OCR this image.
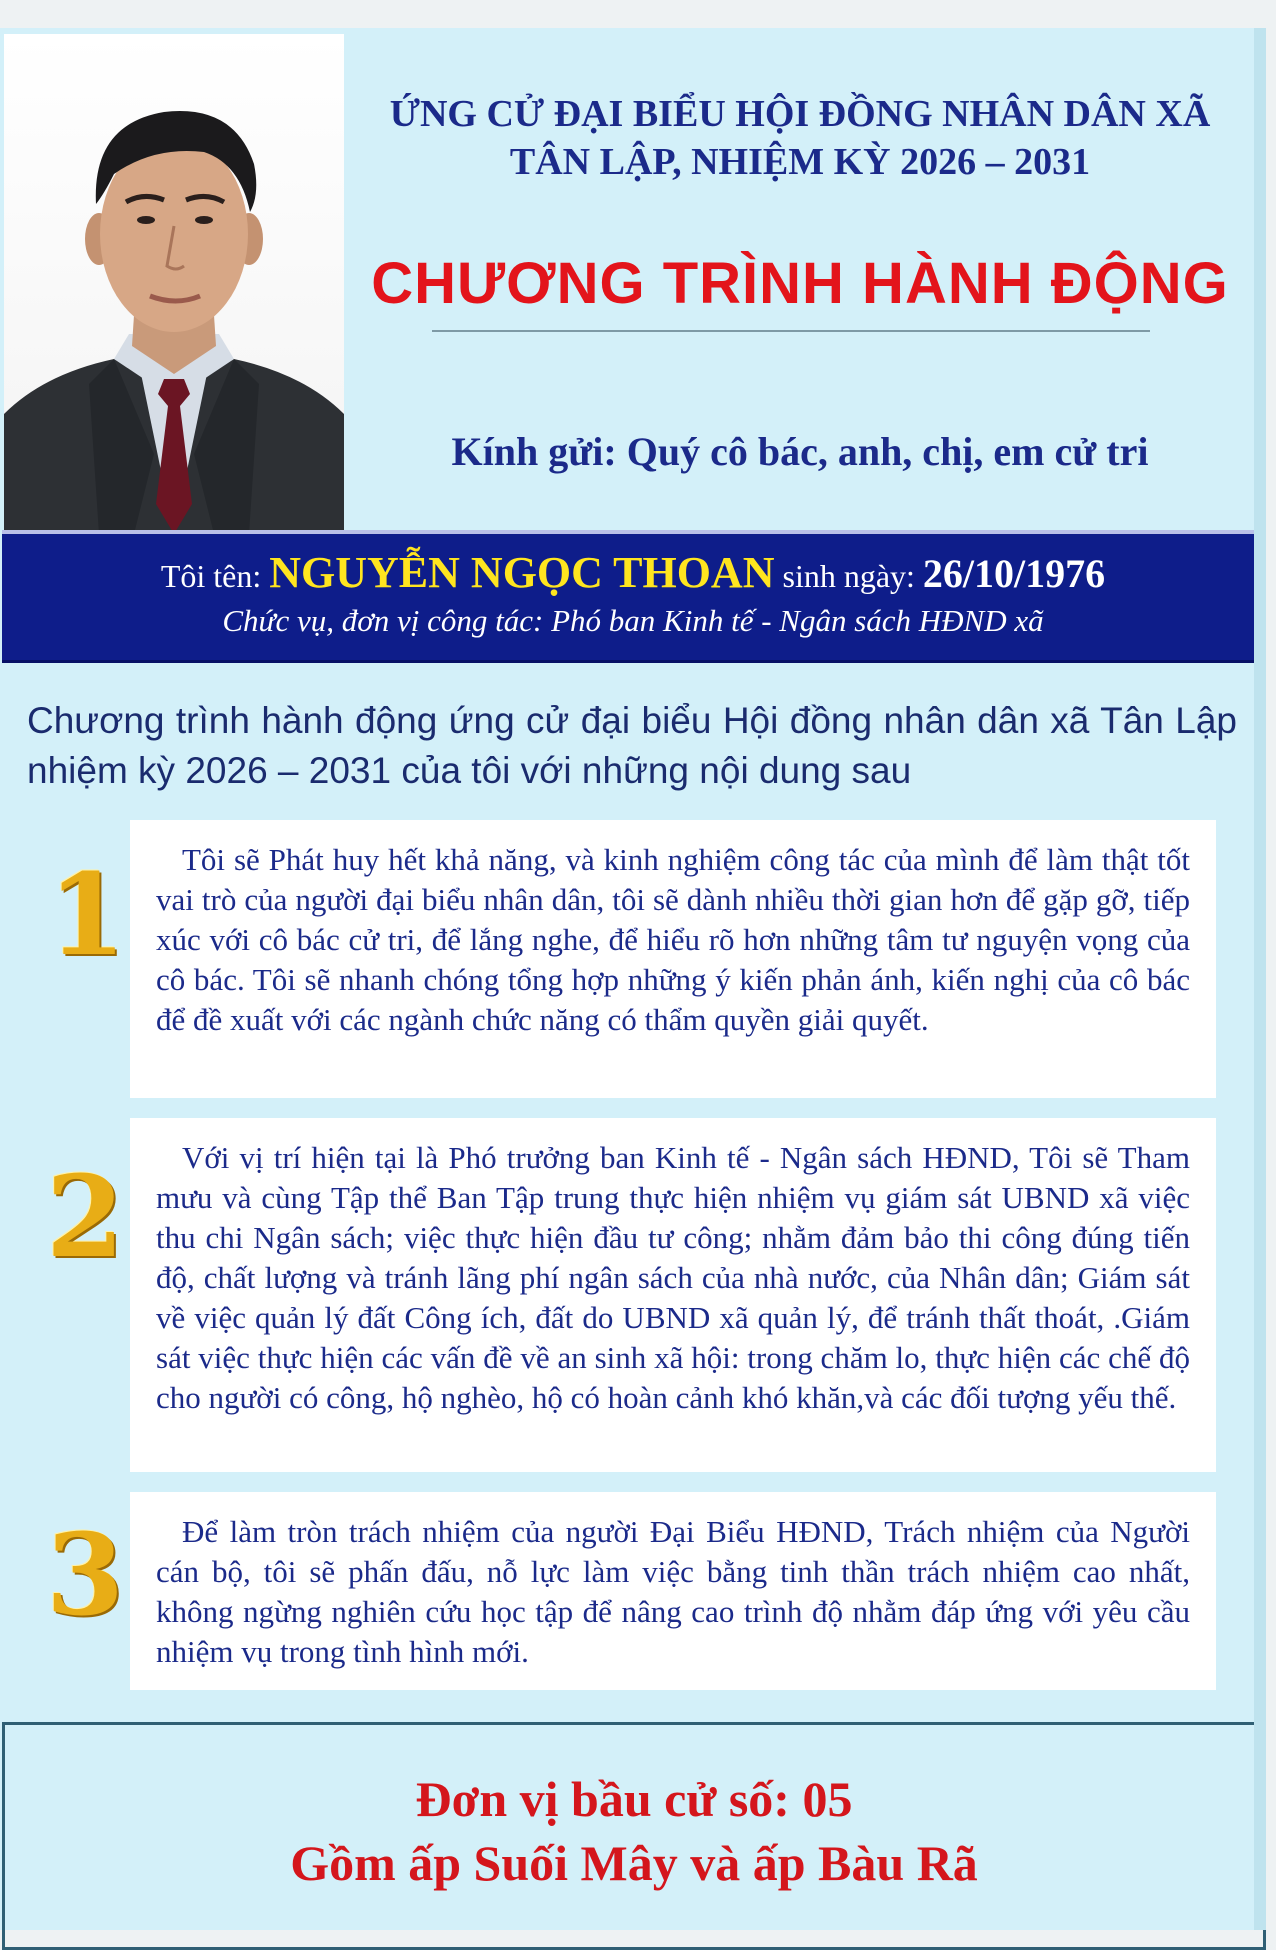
ỨNG CỬ ĐẠI BIỂU HỘI ĐỒNG NHÂN DÂN XÃ
TÂN LẬP, NHIỆM KỲ 2026 – 2031
CHƯƠNG TRÌNH HÀNH ĐỘNG
Kính gửi: Quý cô bác, anh, chị, em cử tri
Tôi tên: NGUYỄN NGỌC THOAN sinh ngày: 26/10/1976
Chức vụ, đơn vị công tác: Phó ban Kinh tế - Ngân sách HĐND xã
Chương trình hành động ứng cử đại biểu Hội đồng nhân dân xã Tân Lập nhiệm kỳ 2026 – 2031 của tôi với những nội dung sau
1	Tôi sẽ Phát huy hết khả năng, và kinh nghiệm công tác của mình để làm thật tốt vai trò của người đại biểu nhân dân, tôi sẽ dành nhiều thời gian hơn để gặp gỡ, tiếp xúc với cô bác cử tri, để lắng nghe, để hiểu rõ hơn những tâm tư nguyện vọng của cô bác. Tôi sẽ nhanh chóng tổng hợp những ý kiến phản ánh, kiến nghị của cô bác để đề xuất với các ngành chức năng có thẩm quyền giải quyết.
2	Với vị trí hiện tại là Phó trưởng ban Kinh tế - Ngân sách HĐND, Tôi sẽ Tham mưu và cùng Tập thể Ban Tập trung thực hiện nhiệm vụ giám sát UBND xã việc thu chi Ngân sách; việc thực hiện đầu tư công; nhằm đảm bảo thi công đúng tiến độ, chất lượng và tránh lãng phí ngân sách của nhà nước, của Nhân dân; Giám sát về việc quản lý đất Công ích, đất do UBND xã quản lý, để tránh thất thoát, .Giám sát việc thực hiện các vấn đề về an sinh xã hội: trong chăm lo, thực hiện các chế độ cho người có công, hộ nghèo, hộ có hoàn cảnh khó khăn,và các đối tượng yếu thế.
3	Để làm tròn trách nhiệm của người Đại Biểu HĐND, Trách nhiệm của Người cán bộ, tôi sẽ phấn đấu, nỗ lực làm việc bằng tinh thần trách nhiệm cao nhất, không ngừng nghiên cứu học tập để nâng cao trình độ nhằm đáp ứng với yêu cầu nhiệm vụ trong tình hình mới.
Đơn vị bầu cử số: 05
Gồm ấp Suối Mây và ấp Bàu Rã
